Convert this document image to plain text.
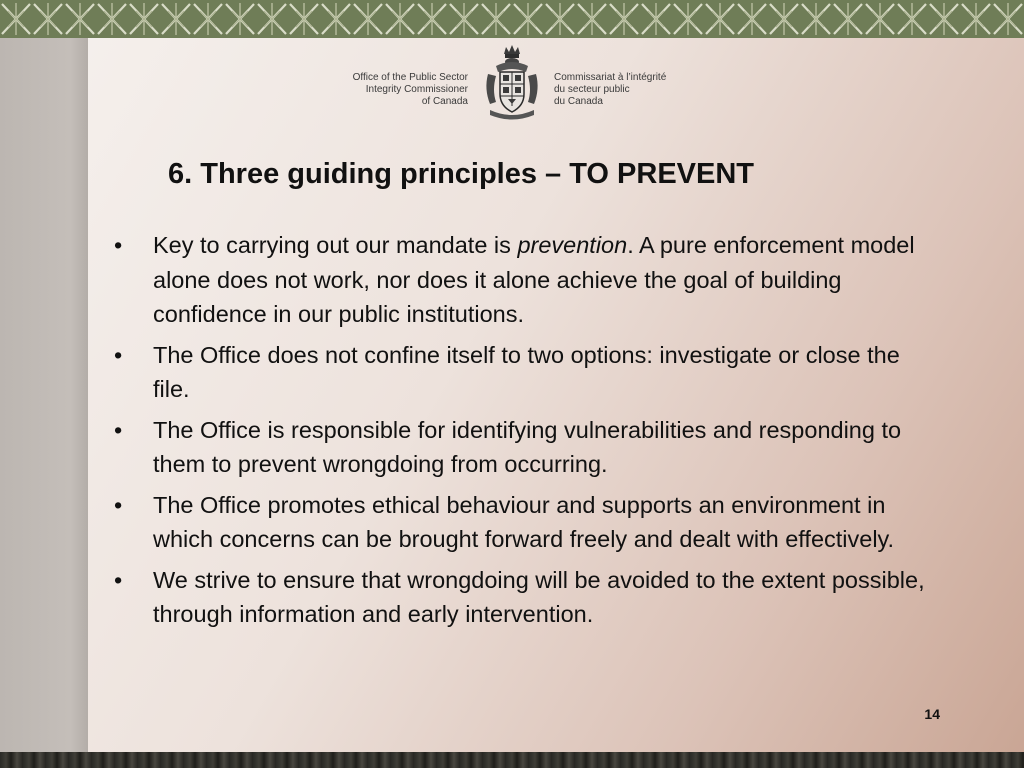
Office of the Public Sector
Integrity Commissioner
of Canada
Commissariat à l’intégrité
du secteur public
du Canada
6. Three guiding principles – TO PREVENT
• Key to carrying out our mandate is prevention. A pure enforcement model alone does not work, nor does it alone achieve the goal of building confidence in our public institutions.
• The Office does not confine itself to two options: investigate or close the file.
• The Office is responsible for identifying vulnerabilities and responding to them to prevent wrongdoing from occurring.
• The Office promotes ethical behaviour and supports an environment in which concerns can be brought forward freely and dealt with effectively.
• We strive to ensure that wrongdoing will be avoided to the extent possible, through information and early intervention.
14
